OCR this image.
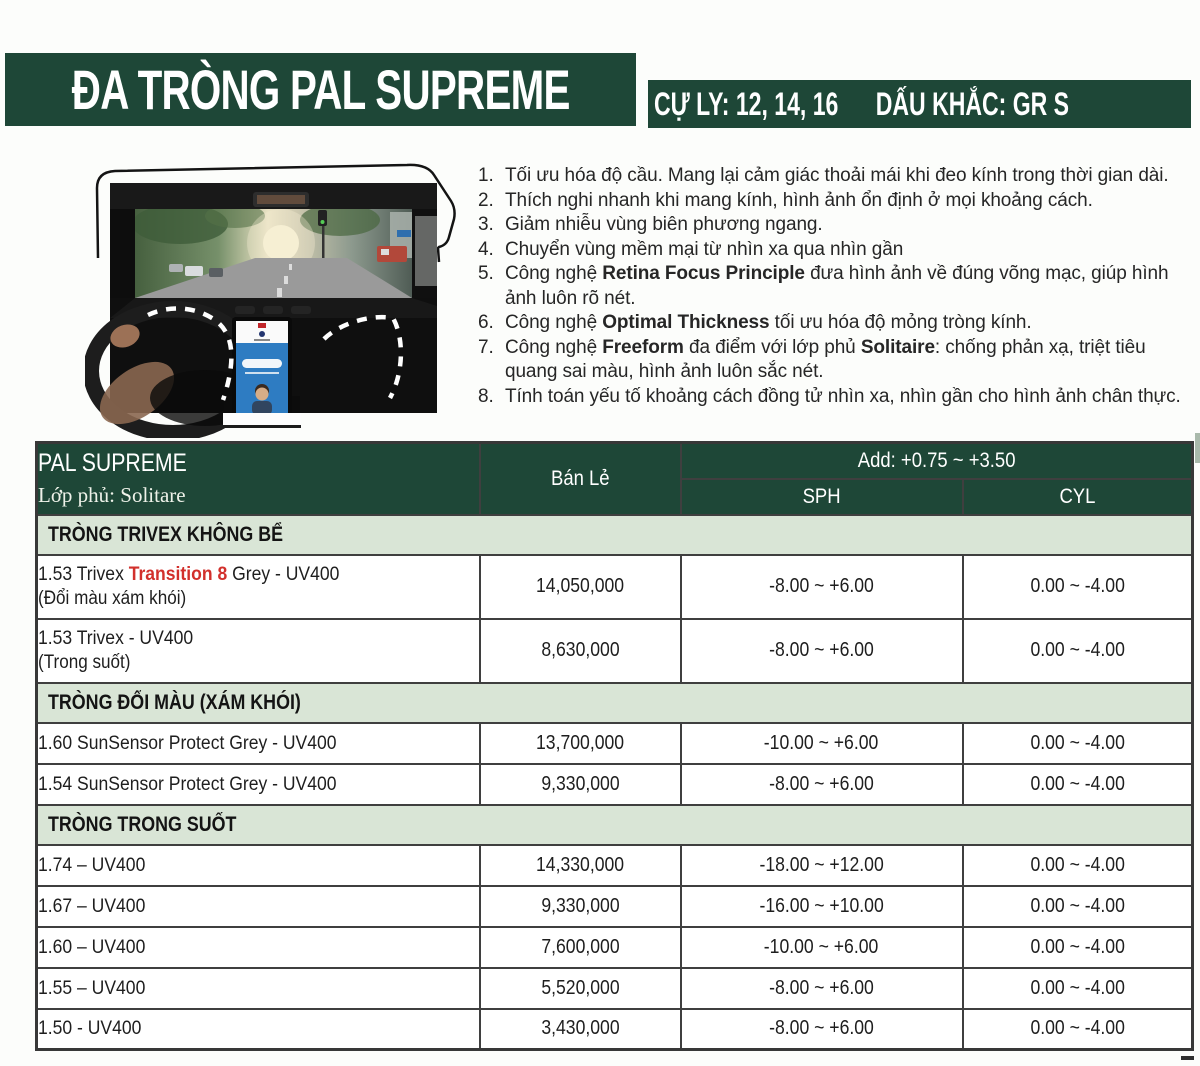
ĐA TRÒNG PAL SUPREME	CỰ LY: 12, 14, 16 DẤU KHẮC: GR S
1. Tối ưu hóa độ cầu. Mang lại cảm giác thoải mái khi đeo kính trong thời gian dài.
2. Thích nghi nhanh khi mang kính, hình ảnh ổn định ở mọi khoảng cách.
3. Giảm nhiễu vùng biên phương ngang.
4. Chuyển vùng mềm mại từ nhìn xa qua nhìn gần
5. Công nghệ Retina Focus Principle đưa hình ảnh về đúng võng mạc, giúp hình ảnh luôn rõ nét.
6. Công nghệ Optimal Thickness tối ưu hóa độ mỏng tròng kính.
7. Công nghệ Freeform đa điểm với lớp phủ Solitaire: chống phản xạ, triệt tiêu quang sai màu, hình ảnh luôn sắc nét.
8. Tính toán yếu tố khoảng cách đồng tử nhìn xa, nhìn gần cho hình ảnh chân thực.
PAL SUPREME
Lớp phủ: Solitare	Bán Lẻ	Add: +0.75 ~ +3.50	
		SPH	CYL
TRÒNG TRIVEX KHÔNG BỂ			

1.53 Trivex Transition 8 Grey - UV400
(Đổi màu xám khói)	14,050,000	-8.00 ~ +6.00	0.00 ~ -4.00

1.53 Trivex - UV400
(Trong suốt)	8,630,000	-8.00 ~ +6.00	0.00 ~ -4.00
TRÒNG ĐỔI MÀU (XÁM KHÓI)			

1.60 SunSensor Protect Grey - UV400	13,700,000	-10.00 ~ +6.00	0.00 ~ -4.00

1.54 SunSensor Protect Grey - UV400	9,330,000	-8.00 ~ +6.00	0.00 ~ -4.00
TRÒNG TRONG SUỐT			

1.74 – UV400	14,330,000	-18.00 ~ +12.00	0.00 ~ -4.00

1.67 – UV400	9,330,000	-16.00 ~ +10.00	0.00 ~ -4.00

1.60 – UV400	7,600,000	-10.00 ~ +6.00	0.00 ~ -4.00

1.55 – UV400	5,520,000	-8.00 ~ +6.00	0.00 ~ -4.00

1.50 - UV400	3,430,000	-8.00 ~ +6.00	0.00 ~ -4.00
